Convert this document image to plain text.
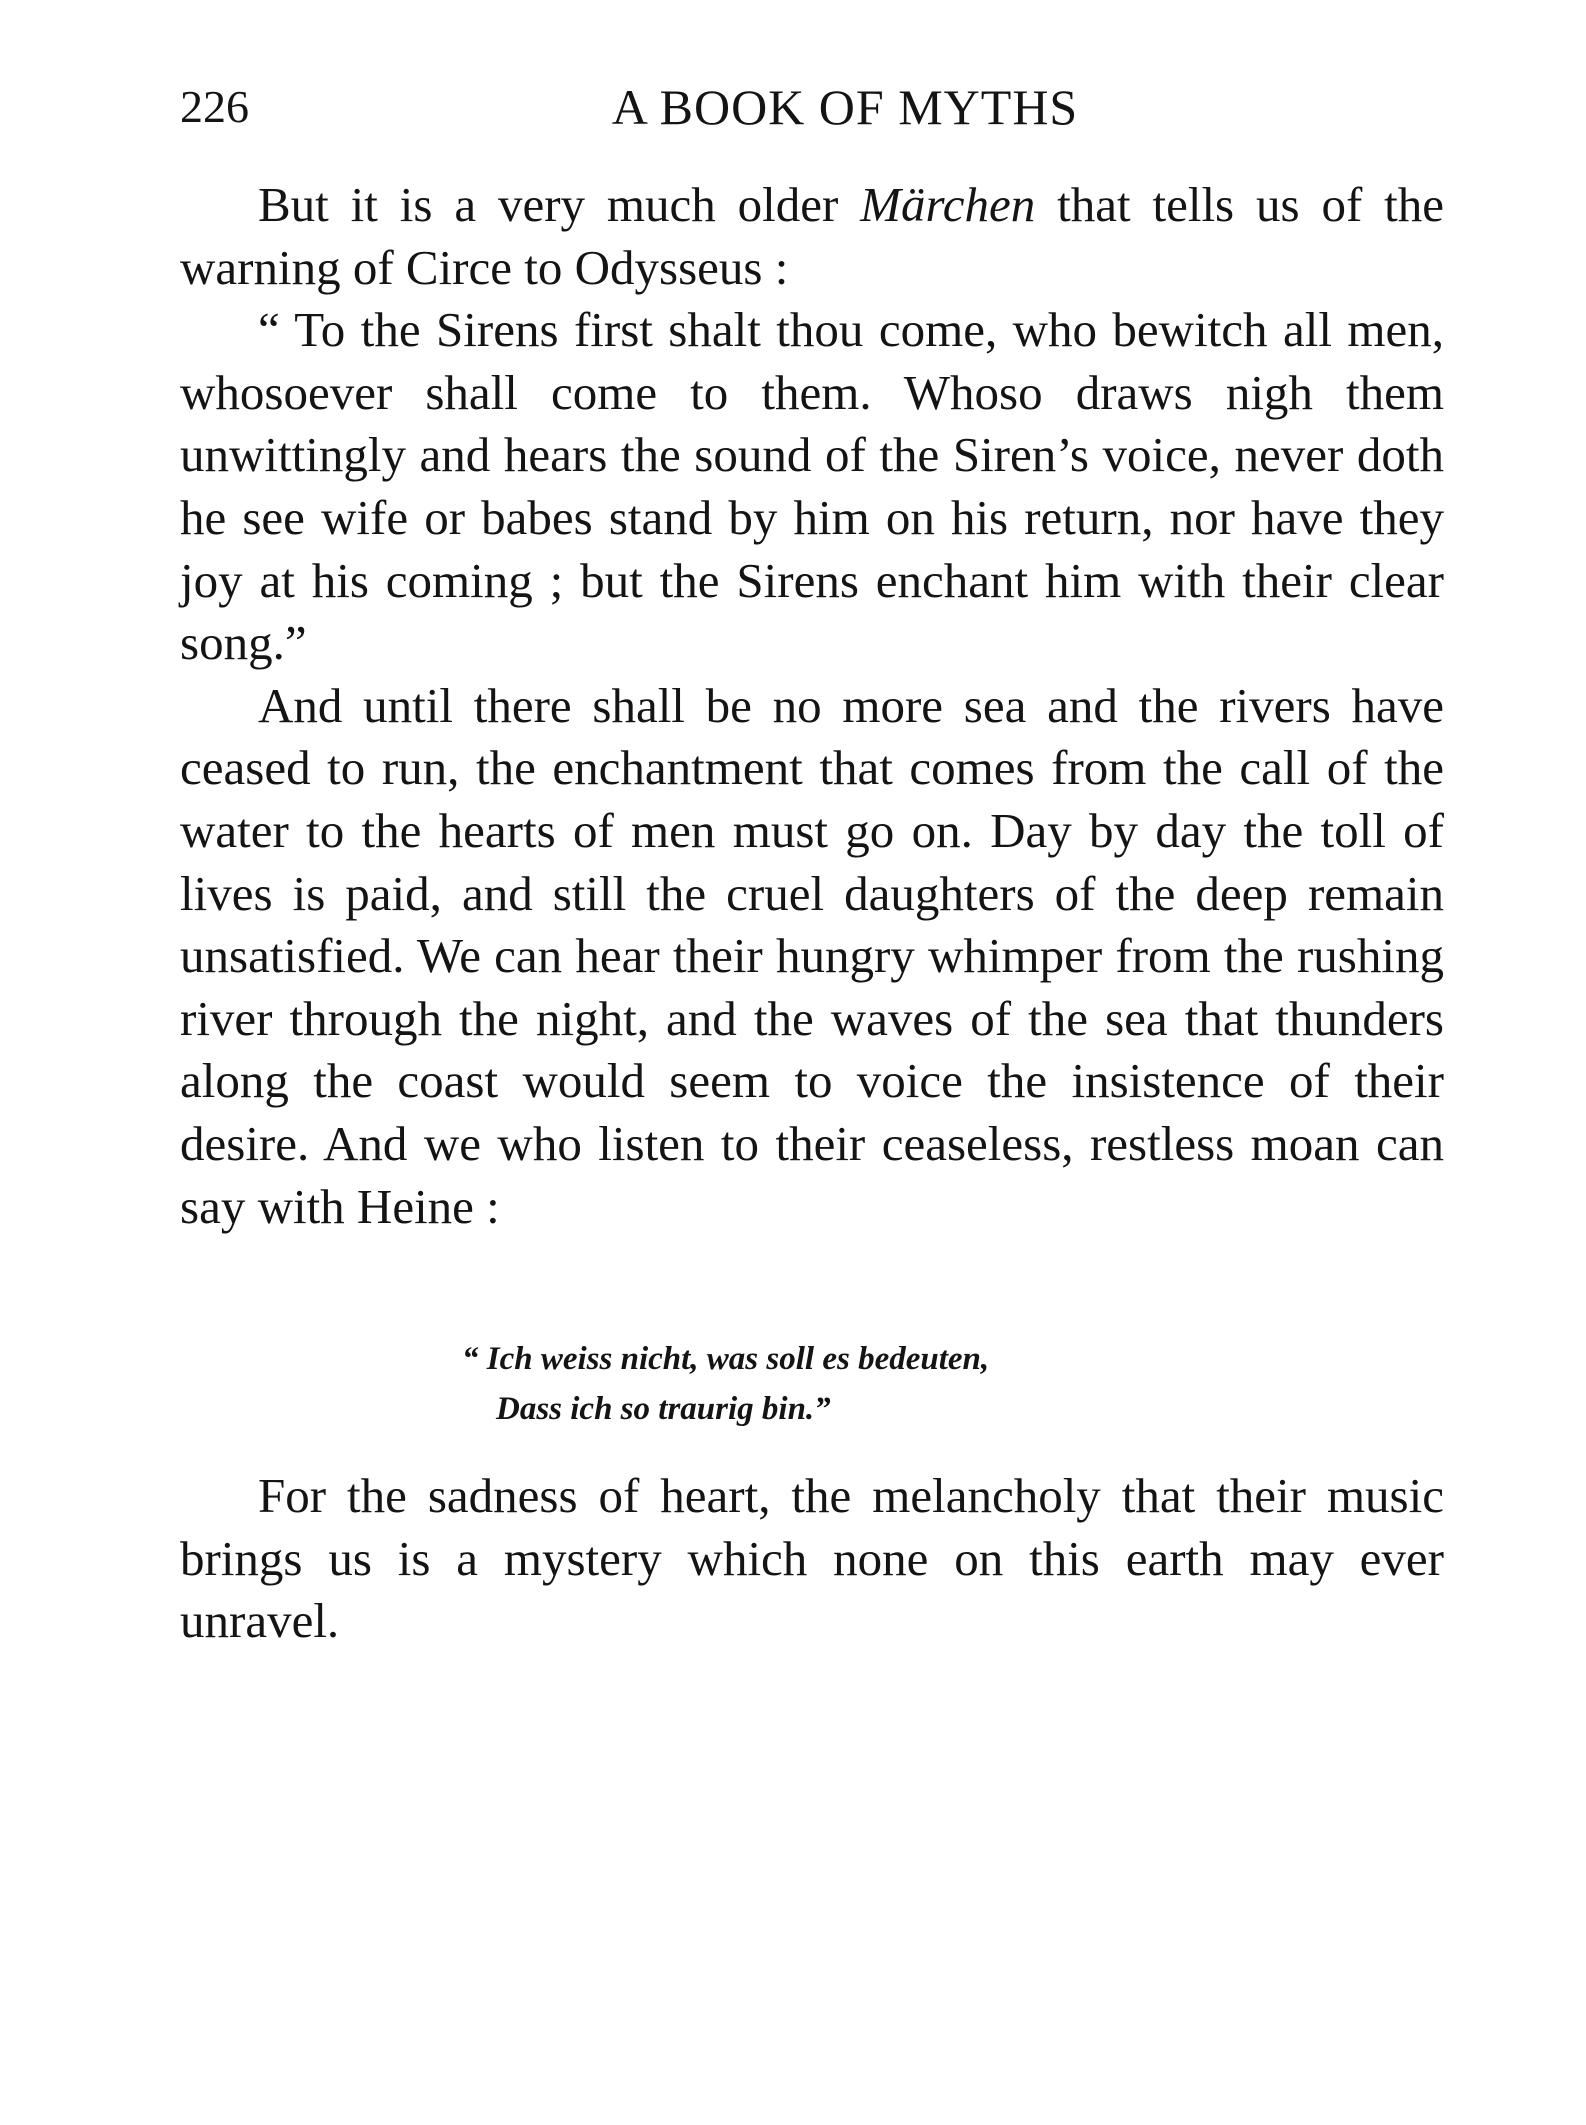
226	A BOOK OF MYTHS

But it is a very much older Märchen that tells us of the warning of Circe to Odysseus :

“ To the Sirens first shalt thou come, who bewitch all men, whosoever shall come to them. Whoso draws nigh them unwittingly and hears the sound of the Siren’s voice, never doth he see wife or babes stand by him on his return, nor have they joy at his coming ; but the Sirens enchant him with their clear song.”

And until there shall be no more sea and the rivers have ceased to run, the enchantment that comes from the call of the water to the hearts of men must go on. Day by day the toll of lives is paid, and still the cruel daughters of the deep remain unsatisfied. We can hear their hungry whimper from the rushing river through the night, and the waves of the sea that thunders along the coast would seem to voice the insistence of their desire. And we who listen to their ceaseless, restless moan can say with Heine :

“ Ich weiss nicht, was soll es bedeuten,
Dass ich so traurig bin.”

For the sadness of heart, the melancholy that their music brings us is a mystery which none on this earth may ever unravel.
